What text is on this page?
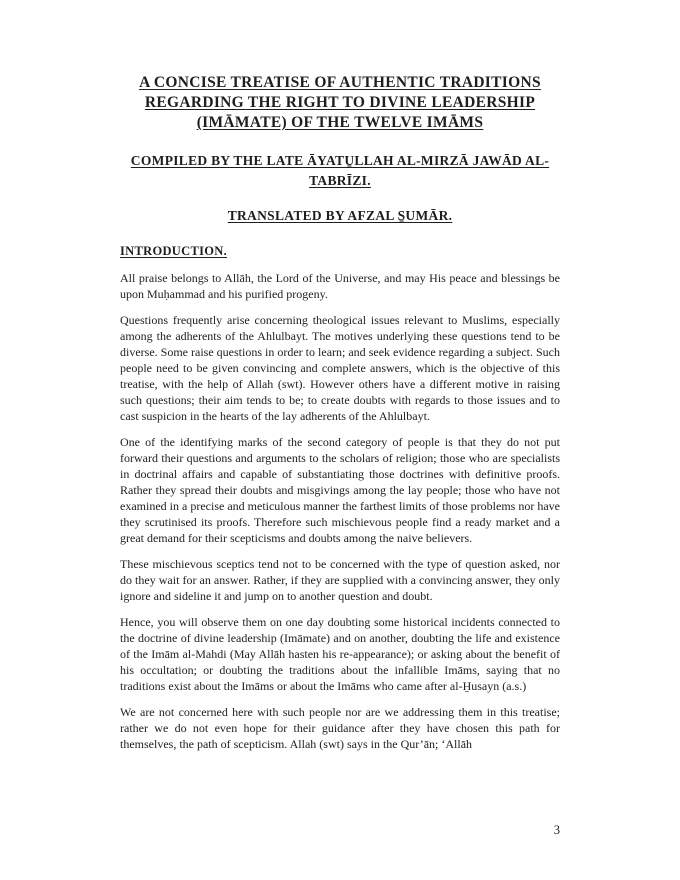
A CONCISE TREATISE OF AUTHENTIC TRADITIONS REGARDING THE RIGHT TO DIVINE LEADERSHIP (IMĀMATE) OF THE TWELVE IMĀMS
COMPILED BY THE LATE ĀYATU̱LLAH AL-MIRZĀ JAWĀD AL-TABRĪZI.
TRANSLATED BY AFZAL S̱UMĀR.
INTRODUCTION.

All praise belongs to Allāh, the Lord of the Universe, and may His peace and blessings be upon Muḥammad and his purified progeny.

Questions frequently arise concerning theological issues relevant to Muslims, especially among the adherents of the Ahlulbayt. The motives underlying these questions tend to be diverse. Some raise questions in order to learn; and seek evidence regarding a subject. Such people need to be given convincing and complete answers, which is the objective of this treatise, with the help of Allah (swt). However others have a different motive in raising such questions; their aim tends to be; to create doubts with regards to those issues and to cast suspicion in the hearts of the lay adherents of the Ahlulbayt.

One of the identifying marks of the second category of people is that they do not put forward their questions and arguments to the scholars of religion; those who are specialists in doctrinal affairs and capable of substantiating those doctrines with definitive proofs. Rather they spread their doubts and misgivings among the lay people; those who have not examined in a precise and meticulous manner the farthest limits of those problems nor have they scrutinised its proofs. Therefore such mischievous people find a ready market and a great demand for their scepticisms and doubts among the naive believers.

These mischievous sceptics tend not to be concerned with the type of question asked, nor do they wait for an answer. Rather, if they are supplied with a convincing answer, they only ignore and sideline it and jump on to another question and doubt.

Hence, you will observe them on one day doubting some historical incidents connected to the doctrine of divine leadership (Imāmate) and on another, doubting the life and existence of the Imām al-Mahdi (May Allāh hasten his re-appearance); or asking about the benefit of his occultation; or doubting the traditions about the infallible Imāms, saying that no traditions exist about the Imāms or about the Imāms who came after al-H̱usayn (a.s.)

We are not concerned here with such people nor are we addressing them in this treatise; rather we do not even hope for their guidance after they have chosen this path for themselves, the path of scepticism. Allah (swt) says in the Qur’ān; ‘Allāh

3
